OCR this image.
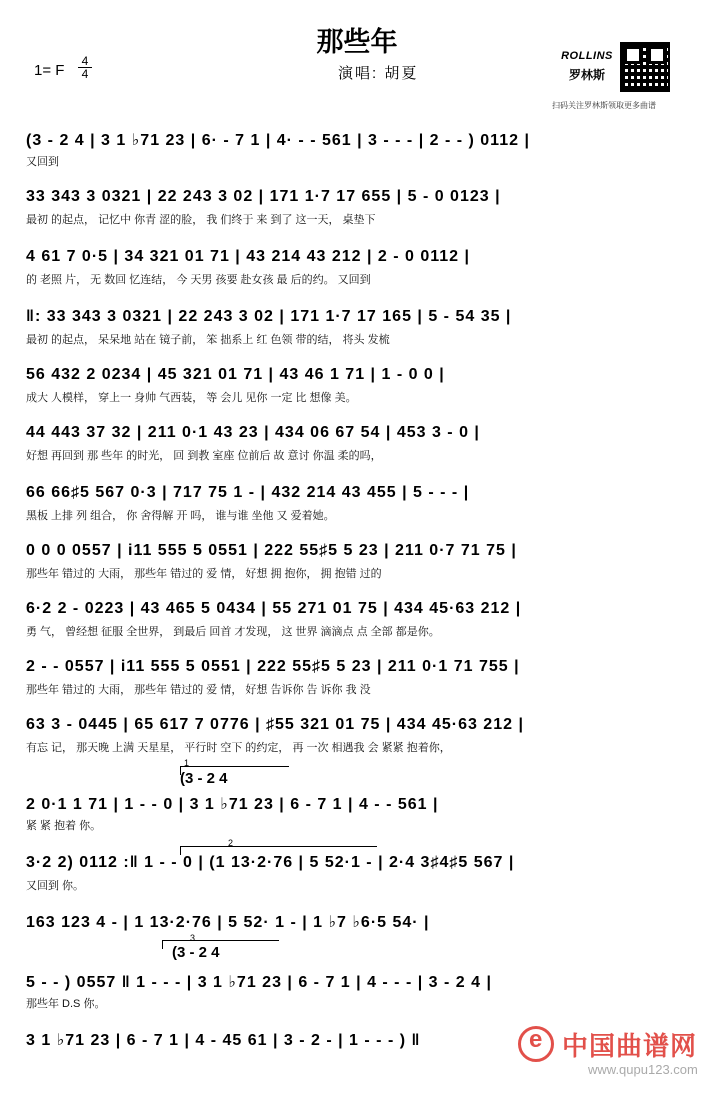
那些年
1= F
4
4	演唱: 胡夏
ROLLINS
罗林斯
扫码关注罗林斯领取更多曲谱
(3 - 2 4 | 3 1 ♭71 23 | 6· - 7 1 | 4· - - 561 | 3 - - - | 2 - - ) 0112 |
又回到
33 343 3 0321 | 22 243 3 02 | 171 1·7 17 655 | 5 - 0 0123 |
最初 的起点， 记忆中 你青 涩的脸， 我 们终于 来 到了 这一天， 桌垫下
4 61 7 0·5 | 34 321 01 71 | 43 214 43 212 | 2 - 0 0112 |
的 老照 片， 无 数回 忆连结， 今 天男 孩要 赴女孩 最 后的约。 又回到
‖: 33 343 3 0321 | 22 243 3 02 | 171 1·7 17 165 | 5 - 54 35 |
最初 的起点， 呆呆地 站在 镜子前， 笨 拙系上 红 色领 带的结， 将头 发梳
56 432 2 0234 | 45 321 01 71 | 43 46 1 71 | 1 - 0 0 |
成大 人模样， 穿上一 身帅 气西装， 等 会儿 见你 一定 比 想像 美。
44 443 37 32 | 211 0·1 43 23 | 434 06 67 54 | 453 3 - 0 |
好想 再回到 那 些年 的时光， 回 到教 室座 位前后 故 意讨 你温 柔的吗，
66 66♯5 567 0·3 | 717 75 1 - | 432 214 43 455 | 5 - - - |
黑板 上排 列 组合， 你 舍得解 开 吗， 谁与谁 坐他 又 爱着她。
0 0 0 0557 | i11 555 5 0551 | 222 55♯5 5 23 | 211 0·7 71 75 |
那些年 错过的 大雨， 那些年 错过的 爱 情， 好想 拥 抱你， 拥 抱错 过的
6·2 2 - 0223 | 43 465 5 0434 | 55 271 01 75 | 434 45·63 212 |
勇 气， 曾经想 征服 全世界， 到最后 回首 才发现， 这 世界 滴滴点 点 全部 都是你。
2 - - 0557 | i11 555 5 0551 | 222 55♯5 5 23 | 211 0·1 71 755 |
那些年 错过的 大雨， 那些年 错过的 爱 情， 好想 告诉你 告 诉你 我 没
63 3 - 0445 | 65 617 7 0776 | ♯55 321 01 75 | 434 45·63 212 |
有忘 记， 那天晚 上满 天星星， 平行时 空下 的约定， 再 一次 相遇我 会 紧紧 抱着你，
1
(3 - 2 4
2 0·1 1 71 | 1 - - 0 | 3 1 ♭71 23 | 6 - 7 1 | 4 - - 561 |
紧 紧 抱着 你。
2
3·2 2) 0112 :‖ 1 - - 0 | (1 13·2·76 | 5 52·1 - | 2·4 3♯4♯5 567 |
又回到 你。
163 123 4 - | 1 13·2·76 | 5 52· 1 - | 1 ♭7 ♭6·5 54· |
3
(3 - 2 4
5 - - ) 0557 ‖ 1 - - - | 3 1 ♭71 23 | 6 - 7 1 | 4 - - - | 3 - 2 4 |
那些年 D.S 你。
3 1 ♭71 23 | 6 - 7 1 | 4 - 45 61 | 3 - 2 - | 1 - - - ) ‖
e	中国曲谱网
www.qupu123.com
